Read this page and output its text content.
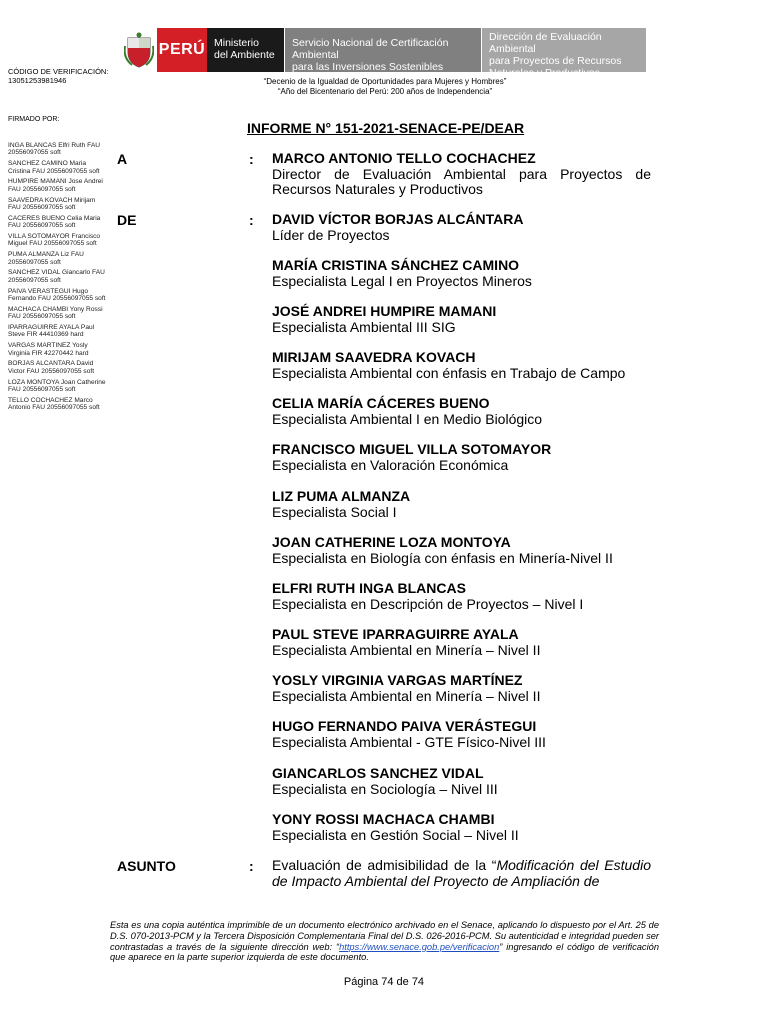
PERÚ Ministerio
del Ambiente
Servicio Nacional de Certificación Ambiental
para las Inversiones Sostenibles
Dirección de Evaluación Ambiental
para Proyectos de Recursos
Naturales y Productivos
CÓDIGO DE VERIFICACIÓN:
13051253981946	“Decenio de la Igualdad de Oportunidades para Mujeres y Hombres”
“Año del Bicentenario del Perú: 200 años de Independencia”
FIRMADO POR:
INGA BLANCAS Elfri Ruth FAU 20556097055 soft
SANCHEZ CAMINO Maria Cristina FAU 20556097055 soft
HUMPIRE MAMANI Jose Andrei FAU 20556097055 soft
SAAVEDRA KOVACH Mirijam FAU 20556097055 soft
CACERES BUENO Celia Maria FAU 20556097055 soft
VILLA SOTOMAYOR Francisco Miguel FAU 20556097055 soft
PUMA ALMANZA Liz FAU 20556097055 soft
SANCHEZ VIDAL Giancarlo FAU 20556097055 soft
PAIVA VERASTEGUI Hugo Fernando FAU 20556097055 soft
MACHACA CHAMBI Yony Rossi FAU 20556097055 soft
IPARRAGUIRRE AYALA Paul Steve FIR 44410369 hard
VARGAS MARTINEZ Yosly Virginia FIR 42270442 hard
BORJAS ALCANTARA David Victor FAU 20556097055 soft
LOZA MONTOYA Joan Catherine FAU 20556097055 soft
TELLO COCHACHEZ Marco Antonio FAU 20556097055 soft
INFORME N° 151-2021-SENACE-PE/DEAR
A	: MARCO ANTONIO TELLO COCHACHEZ
Director de Evaluación Ambiental para Proyectos de Recursos Naturales y Productivos
DE	: DAVID VÍCTOR BORJAS ALCÁNTARA
Líder de Proyectos
MARÍA CRISTINA SÁNCHEZ CAMINO
Especialista Legal I en Proyectos Mineros
JOSÉ ANDREI HUMPIRE MAMANI
Especialista Ambiental III SIG
MIRIJAM SAAVEDRA KOVACH
Especialista Ambiental con énfasis en Trabajo de Campo
CELIA MARÍA CÁCERES BUENO
Especialista Ambiental I en Medio Biológico
FRANCISCO MIGUEL VILLA SOTOMAYOR
Especialista en Valoración Económica
LIZ PUMA ALMANZA
Especialista Social I
JOAN CATHERINE LOZA MONTOYA
Especialista en Biología con énfasis en Minería-Nivel II
ELFRI RUTH INGA BLANCAS
Especialista en Descripción de Proyectos – Nivel I
PAUL STEVE IPARRAGUIRRE AYALA
Especialista Ambiental en Minería – Nivel II
YOSLY VIRGINIA VARGAS MARTÍNEZ
Especialista Ambiental en Minería – Nivel II
HUGO FERNANDO PAIVA VERÁSTEGUI
Especialista Ambiental - GTE Físico-Nivel III
GIANCARLOS SANCHEZ VIDAL
Especialista en Sociología – Nivel III
YONY ROSSI MACHACA CHAMBI
Especialista en Gestión Social – Nivel II
ASUNTO	: Evaluación de admisibilidad de la “Modificación del Estudio de Impacto Ambiental del Proyecto de Ampliación de
Esta es una copia auténtica imprimible de un documento electrónico archivado en el Senace, aplicando lo dispuesto por el Art. 25 de D.S. 070-2013-PCM y la Tercera Disposición Complementaria Final del D.S. 026-2016-PCM. Su autenticidad e integridad pueden ser contrastadas a través de la siguiente dirección web: “https://www.senace.gob.pe/verificacion” ingresando el código de verificación que aparece en la parte superior izquierda de este documento.
Página 74 de 74
